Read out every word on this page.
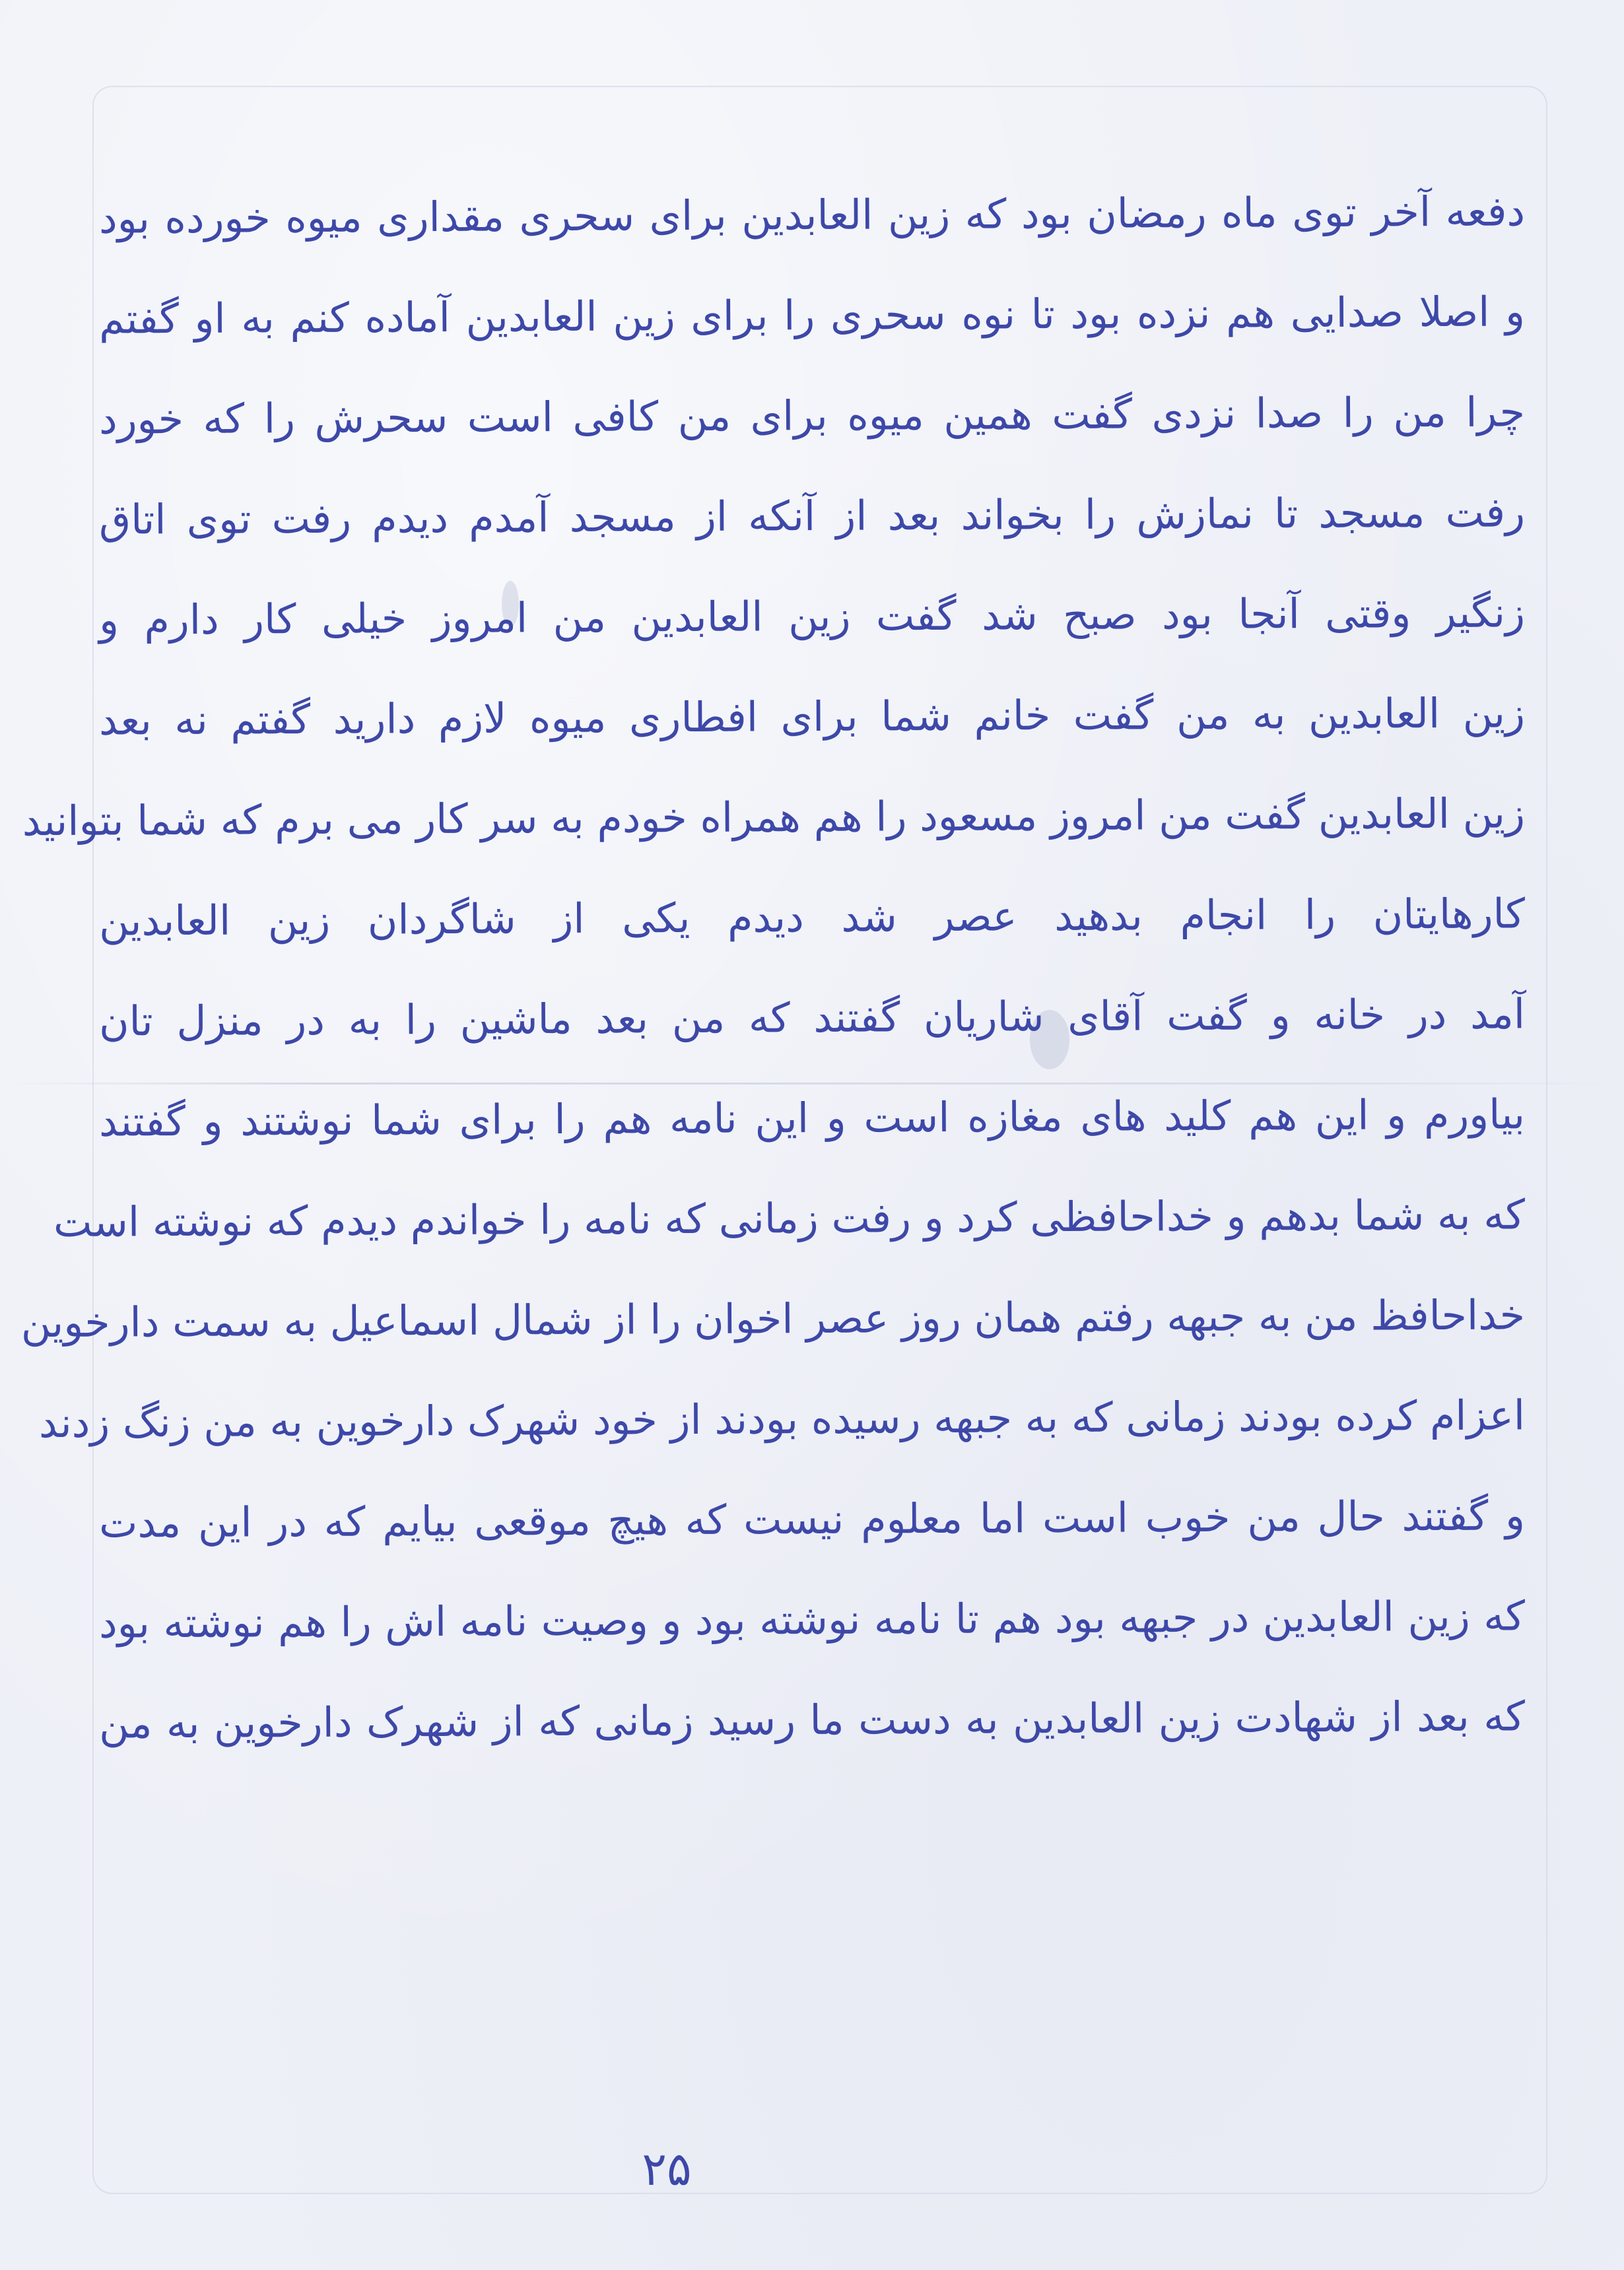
دفعه آخر توی ماه رمضان بود که زین العابدین برای سحری مقداری میوه خورده بود
و اصلا صدایی هم نزده بود تا نوه سحری را برای زین العابدین آماده کنم به او گفتم
چرا من را صدا نزدی گفت همین میوه برای من کافی است سحرش را که خورد
رفت مسجد تا نمازش را بخواند بعد از آنکه از مسجد آمدم دیدم رفت توی اتاق
زنگیر وقتی آنجا بود صبح شد گفت زین العابدین من امروز خیلی کار دارم و
زین العابدین به من گفت خانم شما برای افطاری میوه لازم دارید گفتم نه بعد
زین العابدین گفت من امروز مسعود را هم همراه خودم به سر کار می برم که شما بتوانید
کارهایتان را انجام بدهید عصر شد دیدم یکی از شاگردان زین العابدین
آمد در خانه و گفت آقای شاریان گفتند که من بعد ماشین را به در منزل تان
بیاورم و این هم کلید های مغازه است و این نامه هم را برای شما نوشتند و گفتند
که به شما بدهم و خداحافظی کرد و رفت زمانی که نامه را خواندم دیدم که نوشته است
خداحافظ من به جبهه رفتم همان روز عصر اخوان را از شمال اسماعیل به سمت دارخوین
اعزام کرده بودند زمانی که به جبهه رسیده بودند از خود شهرک دارخوین به من زنگ زدند
و گفتند حال من خوب است اما معلوم نیست که هیچ موقعی بیایم که در این مدت
که زین العابدین در جبهه بود هم تا نامه نوشته بود و وصیت نامه اش را هم نوشته بود
که بعد از شهادت زین العابدین به دست ما رسید زمانی که از شهرک دارخوین به من
۲۵
